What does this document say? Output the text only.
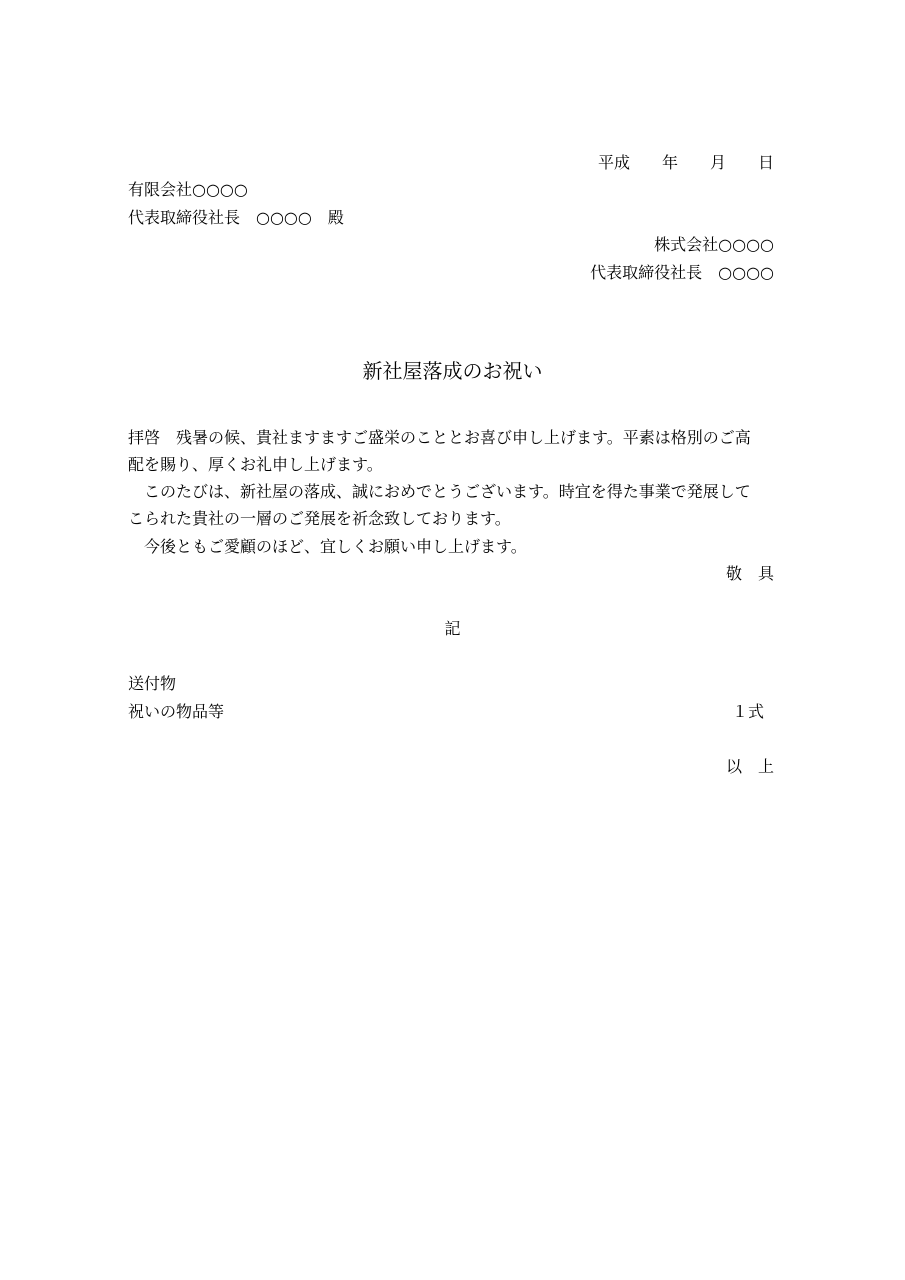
平成　　年　　月　　日
有限会社○○○○
代表取締役社長　○○○○　殿
株式会社○○○○
代表取締役社長　○○○○
新社屋落成のお祝い
拝啓　残暑の候、貴社ますますご盛栄のこととお喜び申し上げます。平素は格別のご高
配を賜り、厚くお礼申し上げます。
　このたびは、新社屋の落成、誠におめでとうございます。時宜を得た事業で発展して
こられた貴社の一層のご発展を祈念致しております。
　今後ともご愛顧のほど、宜しくお願い申し上げます。
敬　具
記
送付物
祝いの物品等	１式
以　上
